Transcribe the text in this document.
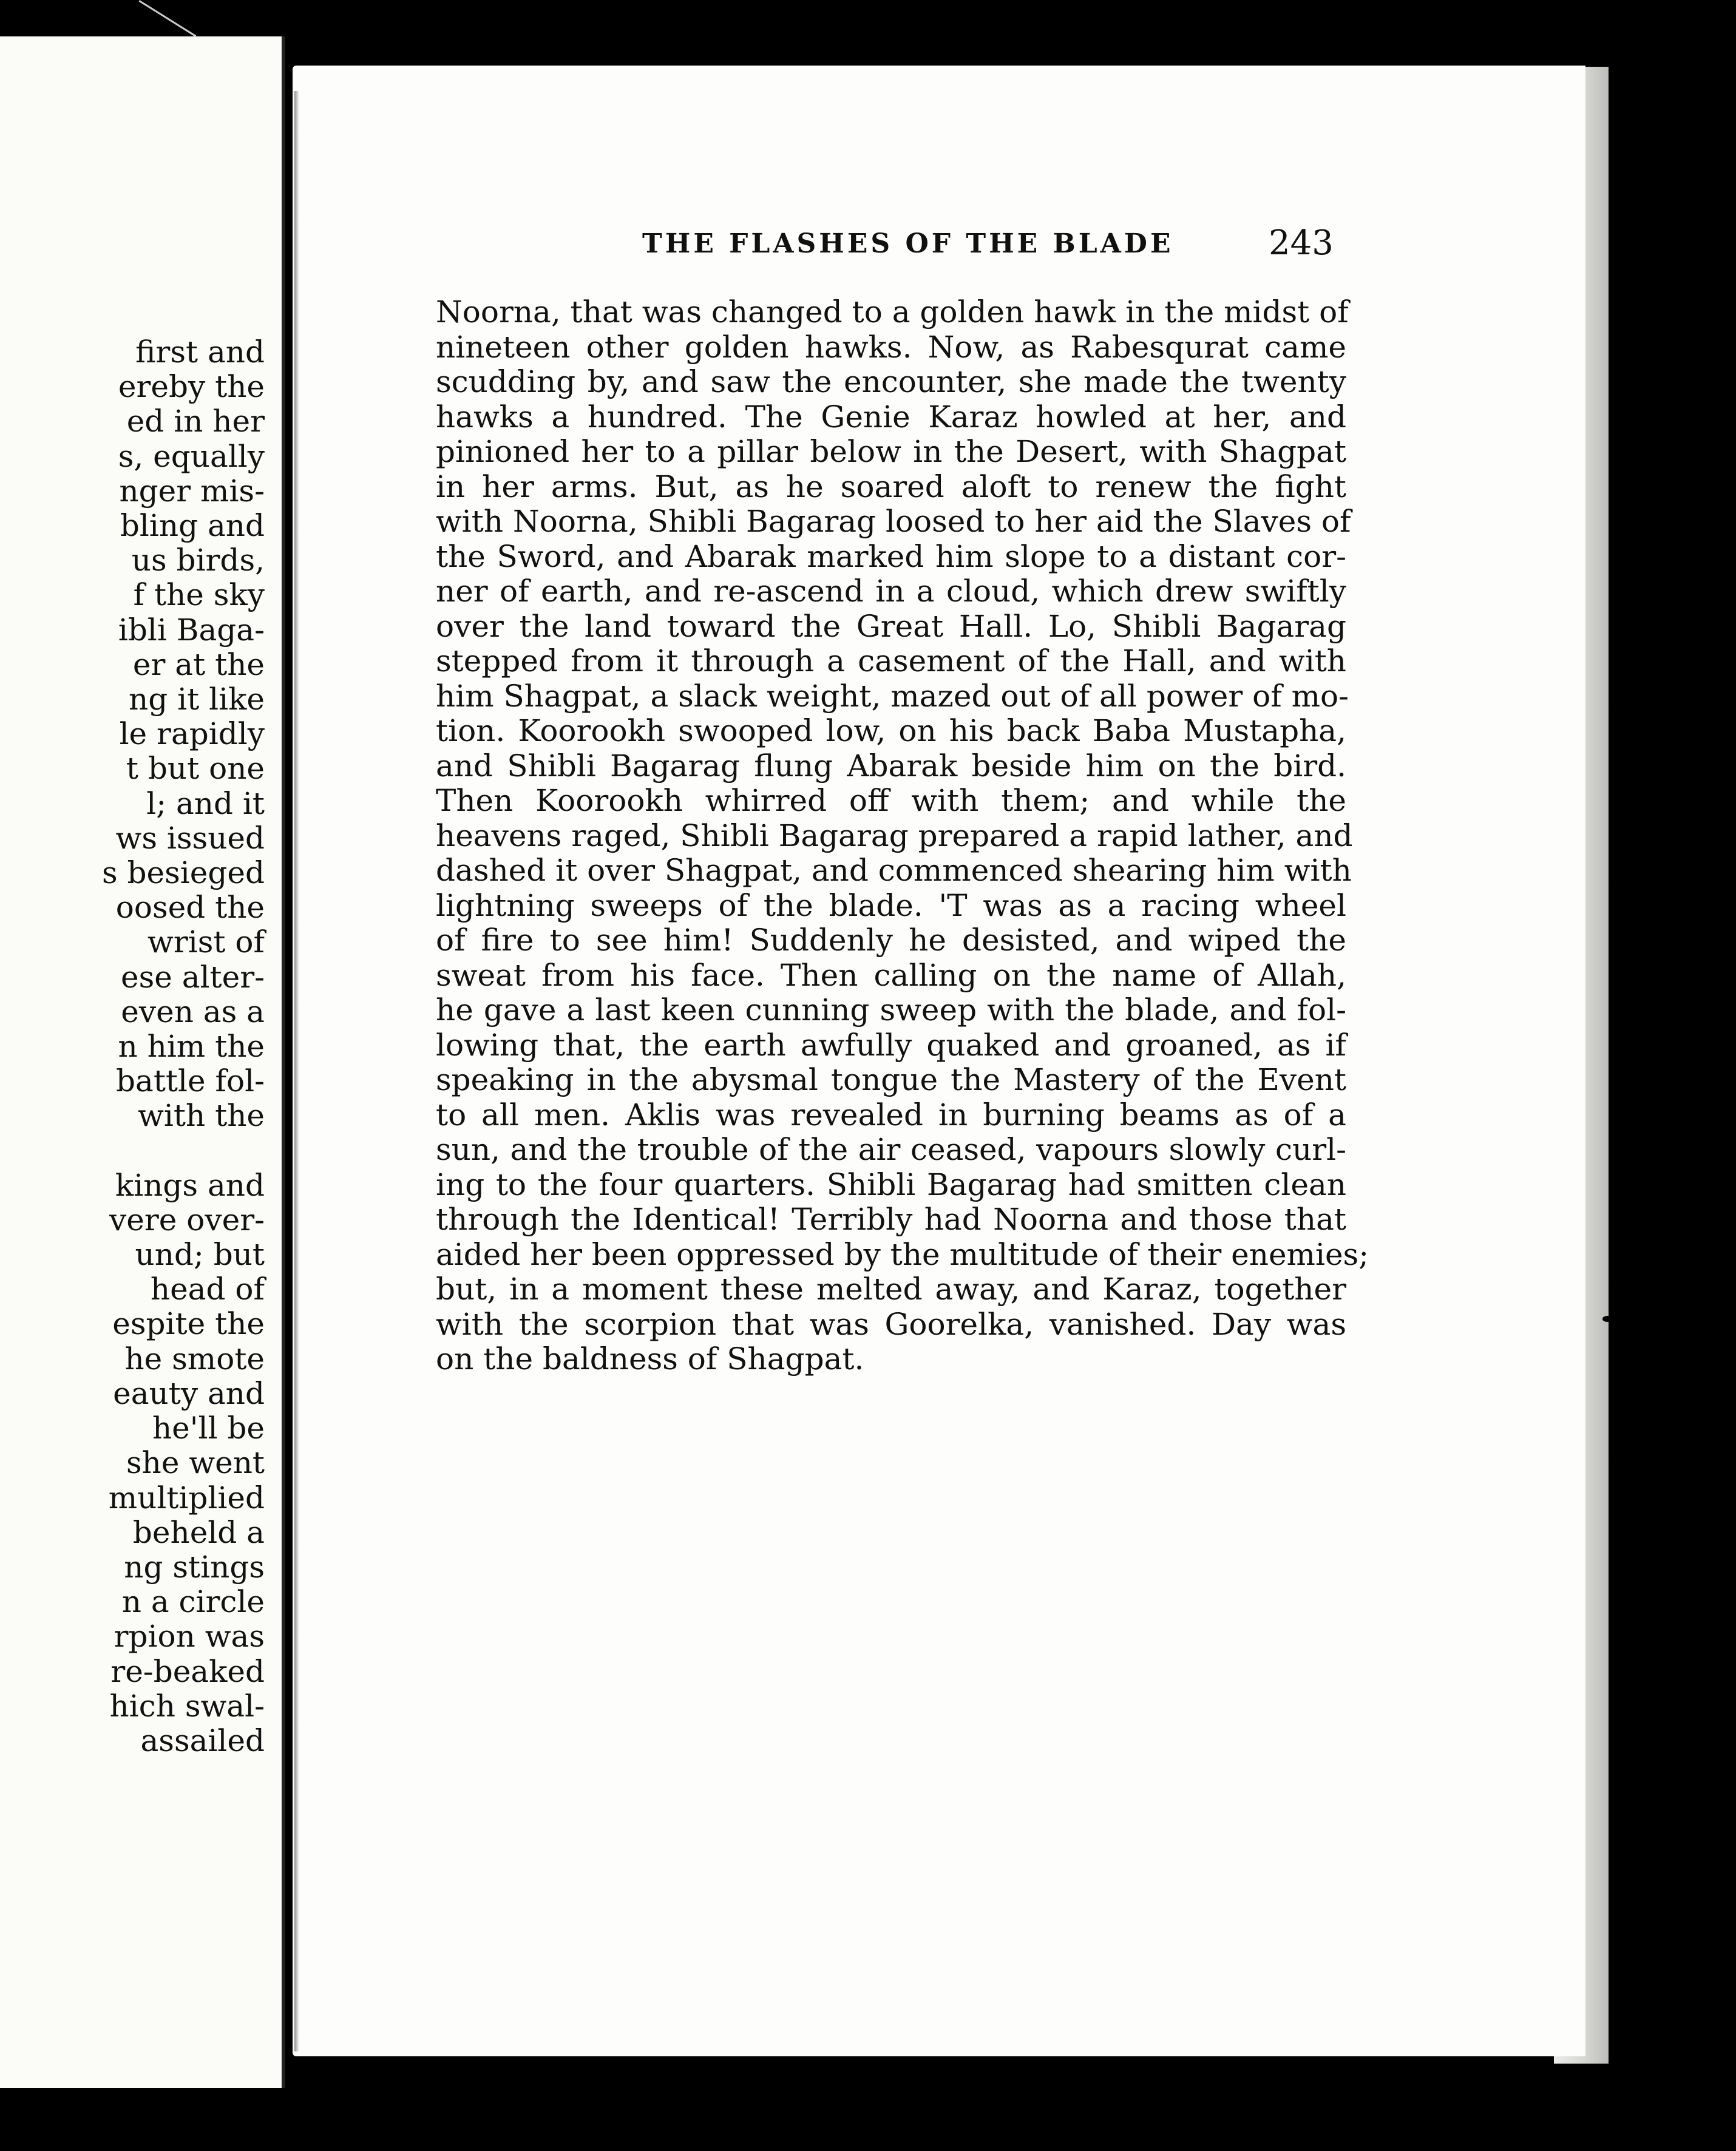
first and
ereby the
ed in her
s, equally
nger mis-
bling and
us birds,
f the sky
ibli Baga-
er at the
ng it like
le rapidly
t but one
l; and it
ws issued
s besieged
oosed the
wrist of
ese alter-
even as a
n him the
battle fol-
with the
kings and
vere over-
und; but
head of
espite the
he smote
eauty and
he'll be
she went
multiplied
beheld a
ng stings
n a circle
rpion was
re-beaked
hich swal-
assailed
THE FLASHES OF THE BLADE	243
Noorna, that was changed to a golden hawk in the midst of
nineteen other golden hawks. Now, as Rabesqurat came
scudding by, and saw the encounter, she made the twenty
hawks a hundred. The Genie Karaz howled at her, and
pinioned her to a pillar below in the Desert, with Shagpat
in her arms. But, as he soared aloft to renew the fight
with Noorna, Shibli Bagarag loosed to her aid the Slaves of
the Sword, and Abarak marked him slope to a distant cor-
ner of earth, and re-ascend in a cloud, which drew swiftly
over the land toward the Great Hall. Lo, Shibli Bagarag
stepped from it through a casement of the Hall, and with
him Shagpat, a slack weight, mazed out of all power of mo-
tion. Koorookh swooped low, on his back Baba Mustapha,
and Shibli Bagarag flung Abarak beside him on the bird.
Then Koorookh whirred off with them; and while the
heavens raged, Shibli Bagarag prepared a rapid lather, and
dashed it over Shagpat, and commenced shearing him with
lightning sweeps of the blade. 'T was as a racing wheel
of fire to see him! Suddenly he desisted, and wiped the
sweat from his face. Then calling on the name of Allah,
he gave a last keen cunning sweep with the blade, and fol-
lowing that, the earth awfully quaked and groaned, as if
speaking in the abysmal tongue the Mastery of the Event
to all men. Aklis was revealed in burning beams as of a
sun, and the trouble of the air ceased, vapours slowly curl-
ing to the four quarters. Shibli Bagarag had smitten clean
through the Identical! Terribly had Noorna and those that
aided her been oppressed by the multitude of their enemies;
but, in a moment these melted away, and Karaz, together
with the scorpion that was Goorelka, vanished. Day was
on the baldness of Shagpat.
